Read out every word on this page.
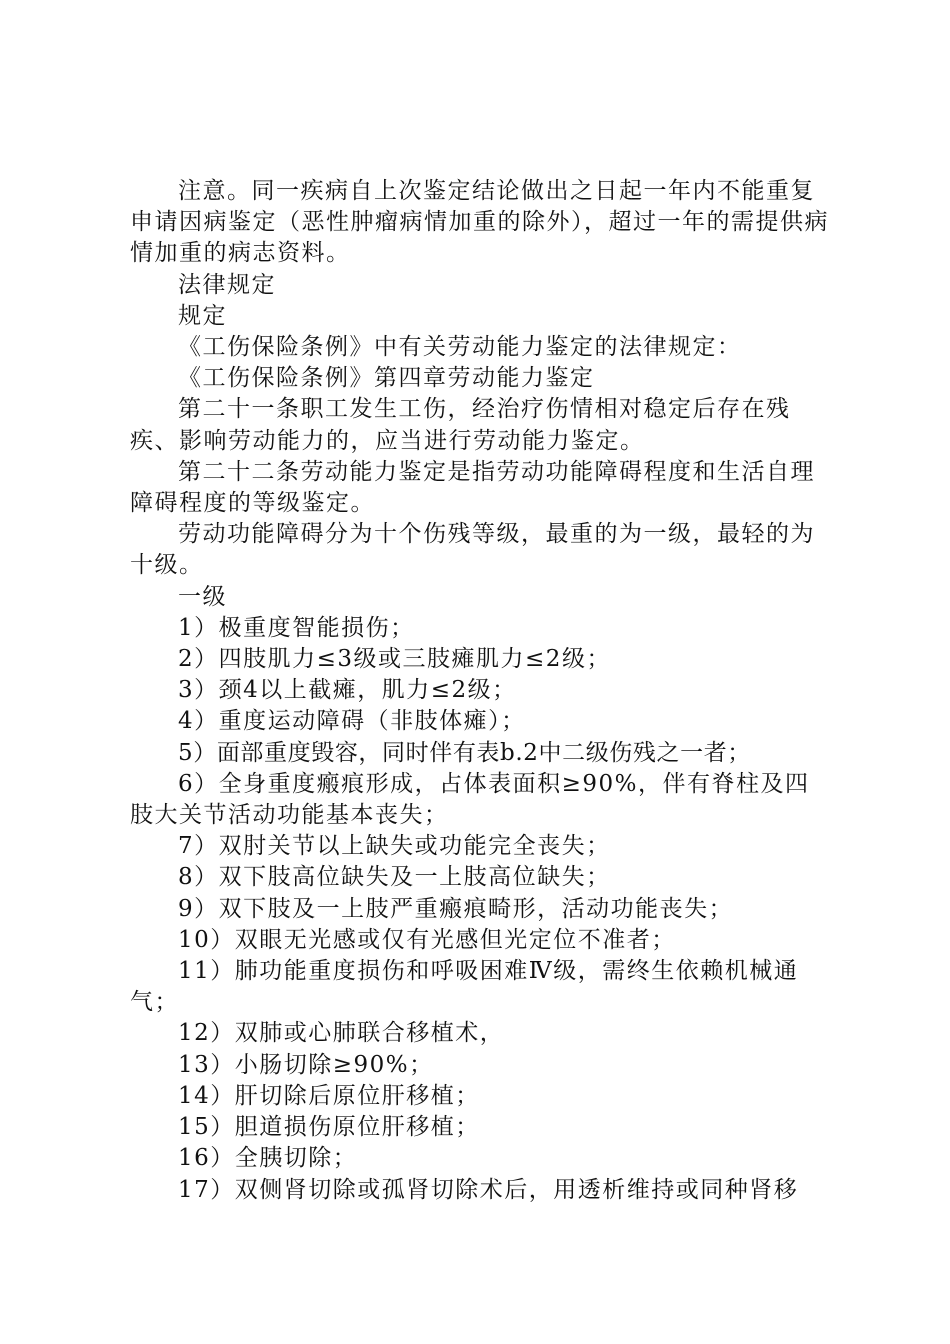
注意。同一疾病自上次鉴定结论做出之日起一年内不能重复申请因病鉴定（恶性肿瘤病情加重的除外），超过一年的需提供病情加重的病志资料。

法律规定

规定

《工伤保险条例》中有关劳动能力鉴定的法律规定：

《工伤保险条例》第四章劳动能力鉴定

第二十一条职工发生工伤，经治疗伤情相对稳定后存在残疾、影响劳动能力的，应当进行劳动能力鉴定。

第二十二条劳动能力鉴定是指劳动功能障碍程度和生活自理障碍程度的等级鉴定。

劳动功能障碍分为十个伤残等级，最重的为一级，最轻的为十级。

一级

1）极重度智能损伤；

2）四肢肌力≤3级或三肢瘫肌力≤2级；

3）颈4以上截瘫，肌力≤2级；

4）重度运动障碍（非肢体瘫）；

5）面部重度毁容，同时伴有表b.2中二级伤残之一者；

6）全身重度瘢痕形成，占体表面积≥90%，伴有脊柱及四肢大关节活动功能基本丧失；

7）双肘关节以上缺失或功能完全丧失；

8）双下肢高位缺失及一上肢高位缺失；

9）双下肢及一上肢严重瘢痕畸形，活动功能丧失；

10）双眼无光感或仅有光感但光定位不准者；

11）肺功能重度损伤和呼吸困难Ⅳ级，需终生依赖机械通气；

12）双肺或心肺联合移植术，

13）小肠切除≥90%；

14）肝切除后原位肝移植；

15）胆道损伤原位肝移植；

16）全胰切除；

17）双侧肾切除或孤肾切除术后，用透析维持或同种肾移
